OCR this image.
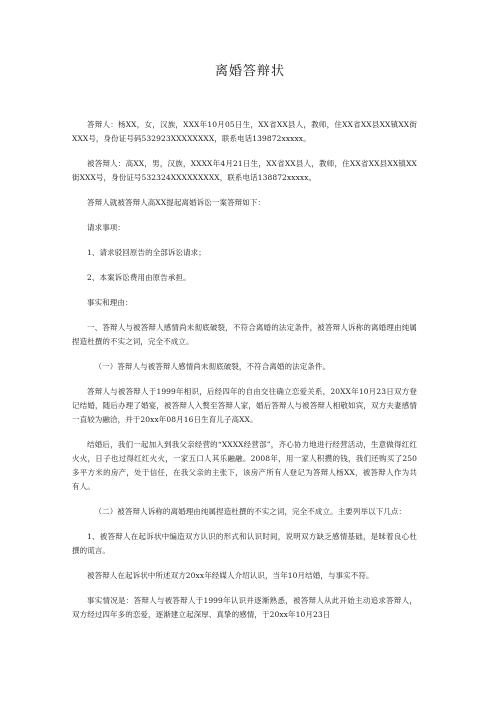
离婚答辩状

答辩人：杨XX，女，汉族，XXX年10月05日生，XX省XX县人，教师，住XX省XX县XX镇XX街XXX号，身份证号码532923XXXXXXXX，联系电话139872xxxxx。

被答辩人：高XX，男，汉族，XXXX年4月21日生，XX省XX县人，教师，住XX省XX县XX镇XX街XXX号，身份证号532324XXXXXXXXX，联系电话138872xxxxx。

答辩人就被答辩人高XX提起离婚诉讼一案答辩如下：

请求事项：

1、请求驳回原告的全部诉讼请求；

2、本案诉讼费用由原告承担。

事实和理由：

一、答辩人与被答辩人感情尚未彻底破裂，不符合离婚的法定条件，被答辩人诉称的离婚理由纯属捏造杜撰的不实之词，完全不成立。

（一）答辩人与被答辩人感情尚未彻底破裂，不符合离婚的法定条件。

答辩人与被答辩人于1999年相识，后经四年的自由交往确立恋爱关系，20XX年10月23日双方登记结婚，随后办理了婚宴，被答辩人入赘至答辩人家，婚后答辩人与被答辩人相敬如宾，双方夫妻感情一直较为融洽，并于20xx年08月16日生育儿子高XX。

结婚后，我们一起加入到我父亲经营的“XXXX经营部”，齐心协力地进行经营活动，生意做得红红火火，日子也过得红红火火，一家五口人其乐融融。2008年，用一家人积攒的钱，我们还购买了250多平方米的房产，处于信任，在我父亲的主张下，该房产所有人登记为答辩人杨XX，被答辩人作为共有人。

（二）被答辩人诉称的离婚理由纯属捏造杜撰的不实之词，完全不成立。主要列举以下几点：

1、被答辩人在起诉状中编造双方认识的形式和认识时间，说明双方缺乏感情基础，是昧着良心杜撰的谎言。

被答辩人在起诉状中所述双方20xx年经媒人介绍认识，当年10月结婚，与事实不符。

事实情况是：答辩人与被答辩人于1999年认识并逐渐熟悉，被答辩人从此开始主动追求答辩人，双方经过四年多的恋爱，逐渐建立起深厚、真挚的感情，于20xx年10月23日
